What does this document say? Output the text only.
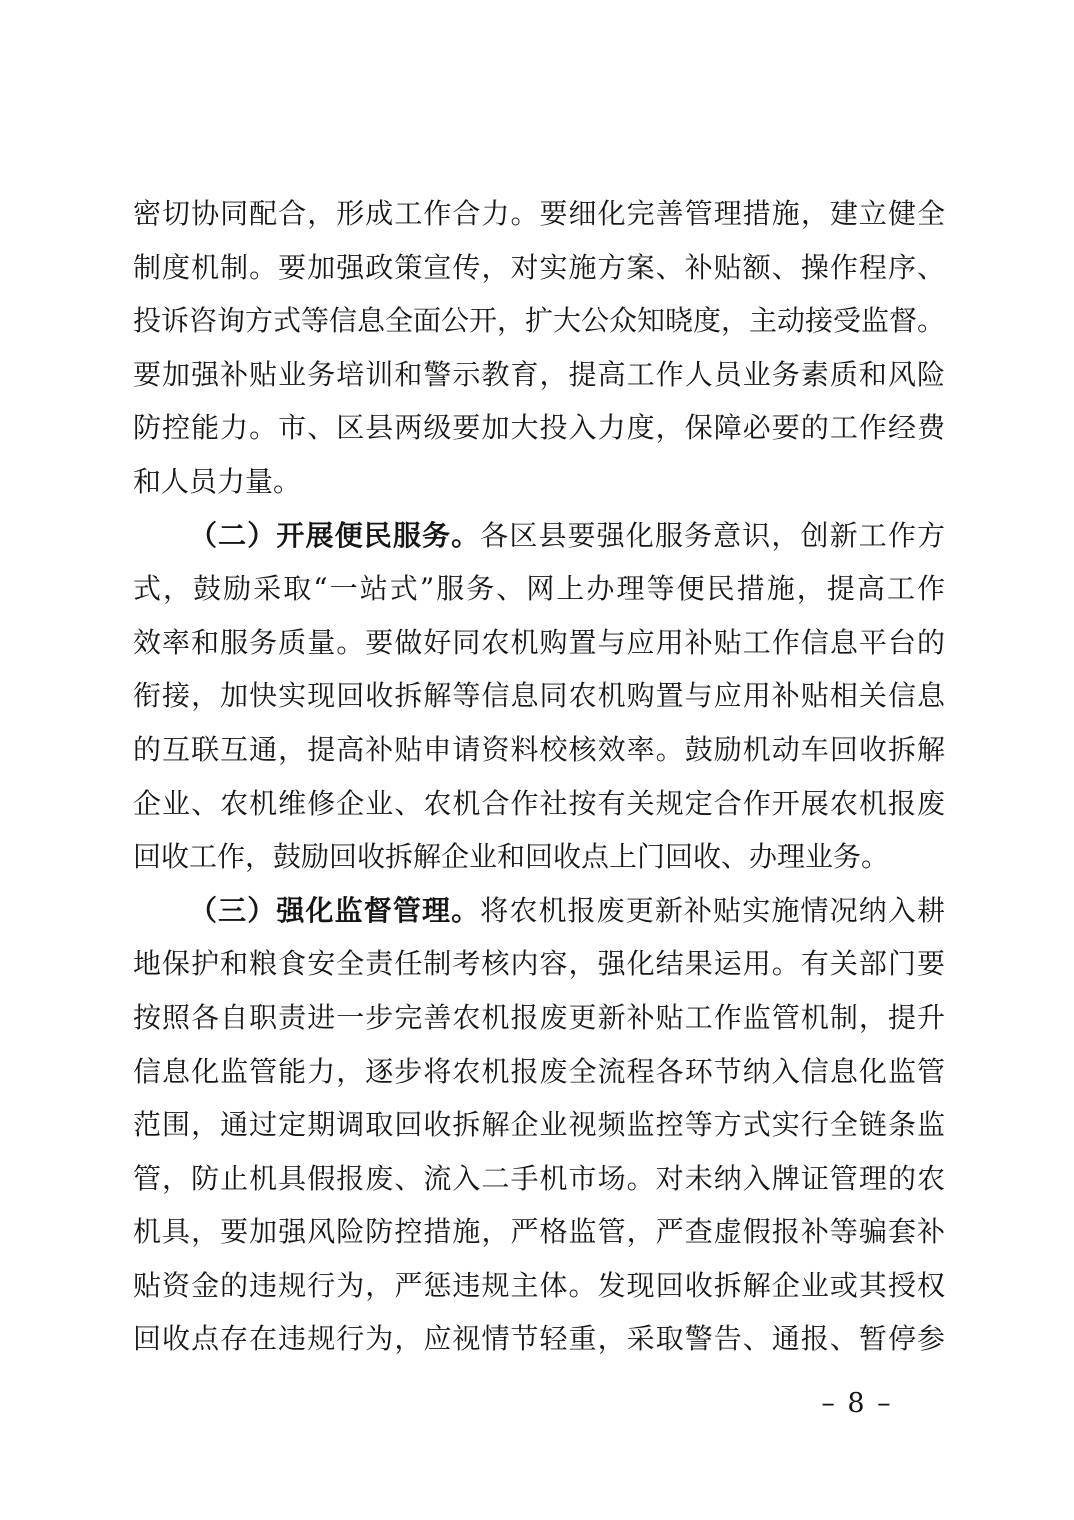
密切协同配合，形成工作合力。要细化完善管理措施，建立健全
制度机制。要加强政策宣传，对实施方案、补贴额、操作程序、
投诉咨询方式等信息全面公开，扩大公众知晓度，主动接受监督。
要加强补贴业务培训和警示教育，提高工作人员业务素质和风险
防控能力。市、区县两级要加大投入力度，保障必要的工作经费
和人员力量。
（二）开展便民服务。各区县要强化服务意识，创新工作方
式，鼓励采取“一站式”服务、网上办理等便民措施，提高工作
效率和服务质量。要做好同农机购置与应用补贴工作信息平台的
衔接，加快实现回收拆解等信息同农机购置与应用补贴相关信息
的互联互通，提高补贴申请资料校核效率。鼓励机动车回收拆解
企业、农机维修企业、农机合作社按有关规定合作开展农机报废
回收工作，鼓励回收拆解企业和回收点上门回收、办理业务。
（三）强化监督管理。将农机报废更新补贴实施情况纳入耕
地保护和粮食安全责任制考核内容，强化结果运用。有关部门要
按照各自职责进一步完善农机报废更新补贴工作监管机制，提升
信息化监管能力，逐步将农机报废全流程各环节纳入信息化监管
范围，通过定期调取回收拆解企业视频监控等方式实行全链条监
管，防止机具假报废、流入二手机市场。对未纳入牌证管理的农
机具，要加强风险防控措施，严格监管，严查虚假报补等骗套补
贴资金的违规行为，严惩违规主体。发现回收拆解企业或其授权
回收点存在违规行为，应视情节轻重，采取警告、通报、暂停参
– 8 –
